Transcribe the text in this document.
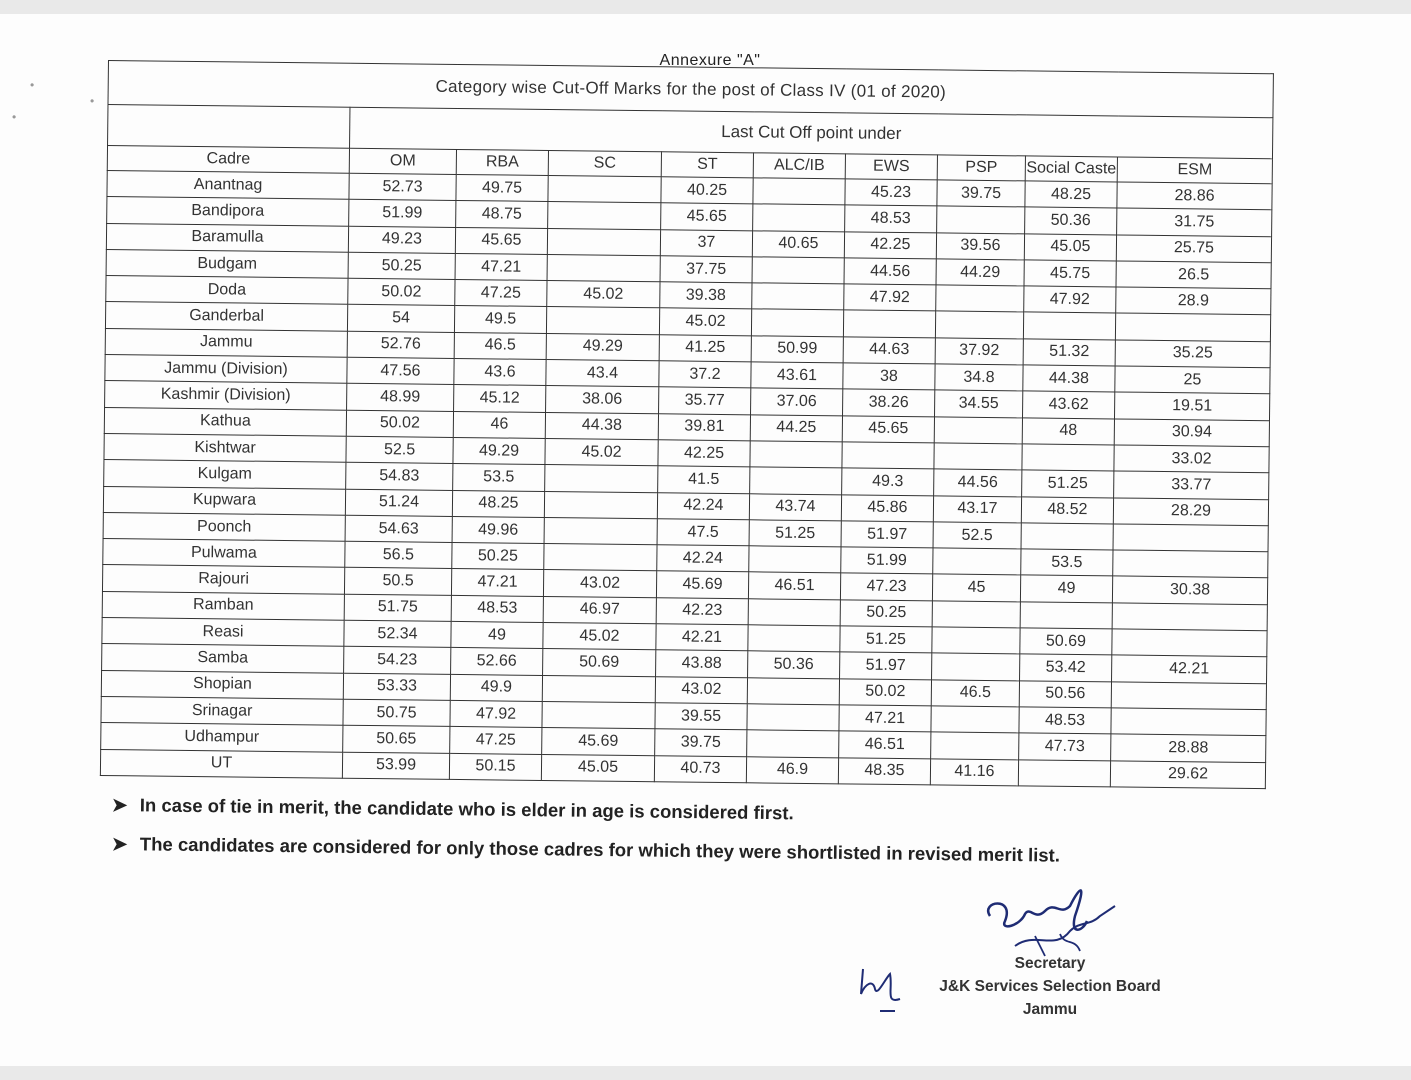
Annexure "A"
Category wise Cut-Off Marks for the post of Class IV (01 of 2020)									
	Last Cut Off point under								
Cadre	OM	RBA	SC	ST	ALC/IB	EWS	PSP	Social Caste	ESM
Anantnag	52.73	49.75		40.25		45.23	39.75	48.25	28.86
Bandipora	51.99	48.75		45.65		48.53		50.36	31.75
Baramulla	49.23	45.65		37	40.65	42.25	39.56	45.05	25.75
Budgam	50.25	47.21		37.75		44.56	44.29	45.75	26.5
Doda	50.02	47.25	45.02	39.38		47.92		47.92	28.9
Ganderbal	54	49.5		45.02					
Jammu	52.76	46.5	49.29	41.25	50.99	44.63	37.92	51.32	35.25
Jammu (Division)	47.56	43.6	43.4	37.2	43.61	38	34.8	44.38	25
Kashmir (Division)	48.99	45.12	38.06	35.77	37.06	38.26	34.55	43.62	19.51
Kathua	50.02	46	44.38	39.81	44.25	45.65		48	30.94
Kishtwar	52.5	49.29	45.02	42.25					33.02
Kulgam	54.83	53.5		41.5		49.3	44.56	51.25	33.77
Kupwara	51.24	48.25		42.24	43.74	45.86	43.17	48.52	28.29
Poonch	54.63	49.96		47.5	51.25	51.97	52.5		
Pulwama	56.5	50.25		42.24		51.99		53.5	
Rajouri	50.5	47.21	43.02	45.69	46.51	47.23	45	49	30.38
Ramban	51.75	48.53	46.97	42.23		50.25			
Reasi	52.34	49	45.02	42.21		51.25		50.69	
Samba	54.23	52.66	50.69	43.88	50.36	51.97		53.42	42.21
Shopian	53.33	49.9		43.02		50.02	46.5	50.56	
Srinagar	50.75	47.92		39.55		47.21		48.53	
Udhampur	50.65	47.25	45.69	39.75		46.51		47.73	28.88
UT	53.99	50.15	45.05	40.73	46.9	48.35	41.16		29.62
➤ In case of tie in merit, the candidate who is elder in age is considered first.
➤ The candidates are considered for only those cadres for which they were shortlisted in revised merit list.
Secretary
J&K Services Selection Board
Jammu
•
•
•
